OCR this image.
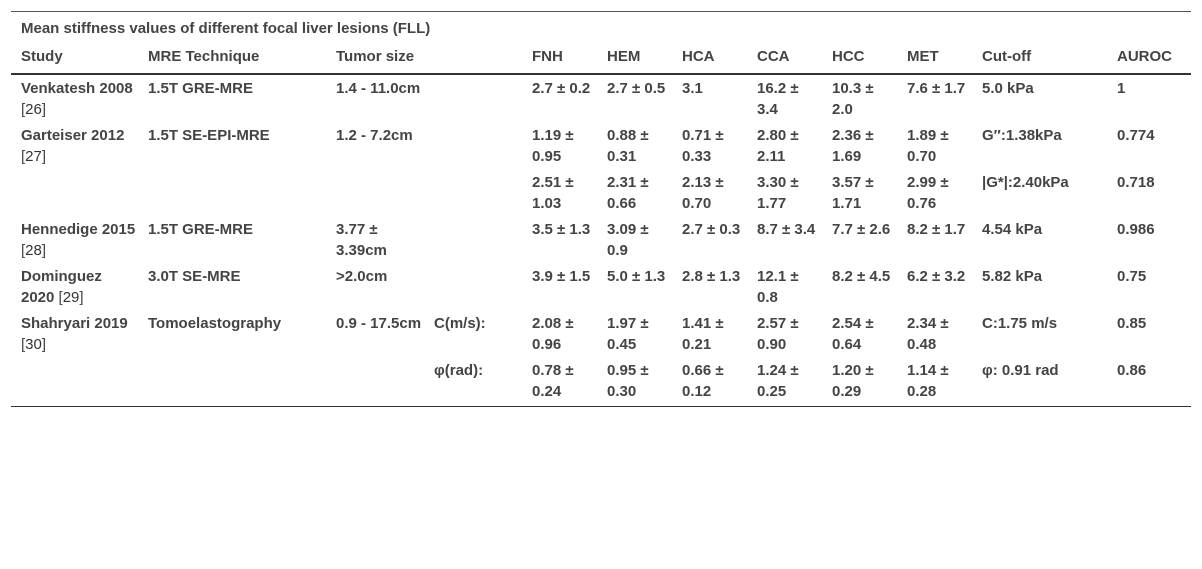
Mean stiffness values of different focal liver lesions (FLL)
Study	MRE Technique	Tumor size		FNH	HEM	HCA	CCA	HCC	MET	Cut-off	AUROC
Venkatesh 2008 [26]	1.5T GRE-MRE	1.4 - 11.0cm		2.7 ± 0.2	2.7 ± 0.5	3.1	16.2 ± 3.4	10.3 ± 2.0	7.6 ± 1.7	5.0 kPa	1
Garteiser 2012 [27]	1.5T SE-EPI-MRE	1.2 - 7.2cm		1.19 ± 0.95	0.88 ± 0.31	0.71 ± 0.33	2.80 ± 2.11	2.36 ± 1.69	1.89 ± 0.70	G″:1.38kPa	0.774
				2.51 ± 1.03	2.31 ± 0.66	2.13 ± 0.70	3.30 ± 1.77	3.57 ± 1.71	2.99 ± 0.76	|G*|:2.40kPa	0.718
Hennedige 2015 [28]	1.5T GRE-MRE	3.77 ± 3.39cm		3.5 ± 1.3	3.09 ± 0.9	2.7 ± 0.3	8.7 ± 3.4	7.7 ± 2.6	8.2 ± 1.7	4.54 kPa	0.986
Dominguez 2020 [29]	3.0T SE-MRE	>2.0cm		3.9 ± 1.5	5.0 ± 1.3	2.8 ± 1.3	12.1 ± 0.8	8.2 ± 4.5	6.2 ± 3.2	5.82 kPa	0.75
Shahryari 2019 [30]	Tomoelastography	0.9 - 17.5cm	C(m/s):	2.08 ± 0.96	1.97 ± 0.45	1.41 ± 0.21	2.57 ± 0.90	2.54 ± 0.64	2.34 ± 0.48	C:1.75 m/s	0.85
			φ(rad):	0.78 ± 0.24	0.95 ± 0.30	0.66 ± 0.12	1.24 ± 0.25	1.20 ± 0.29	1.14 ± 0.28	φ: 0.91 rad	0.86
